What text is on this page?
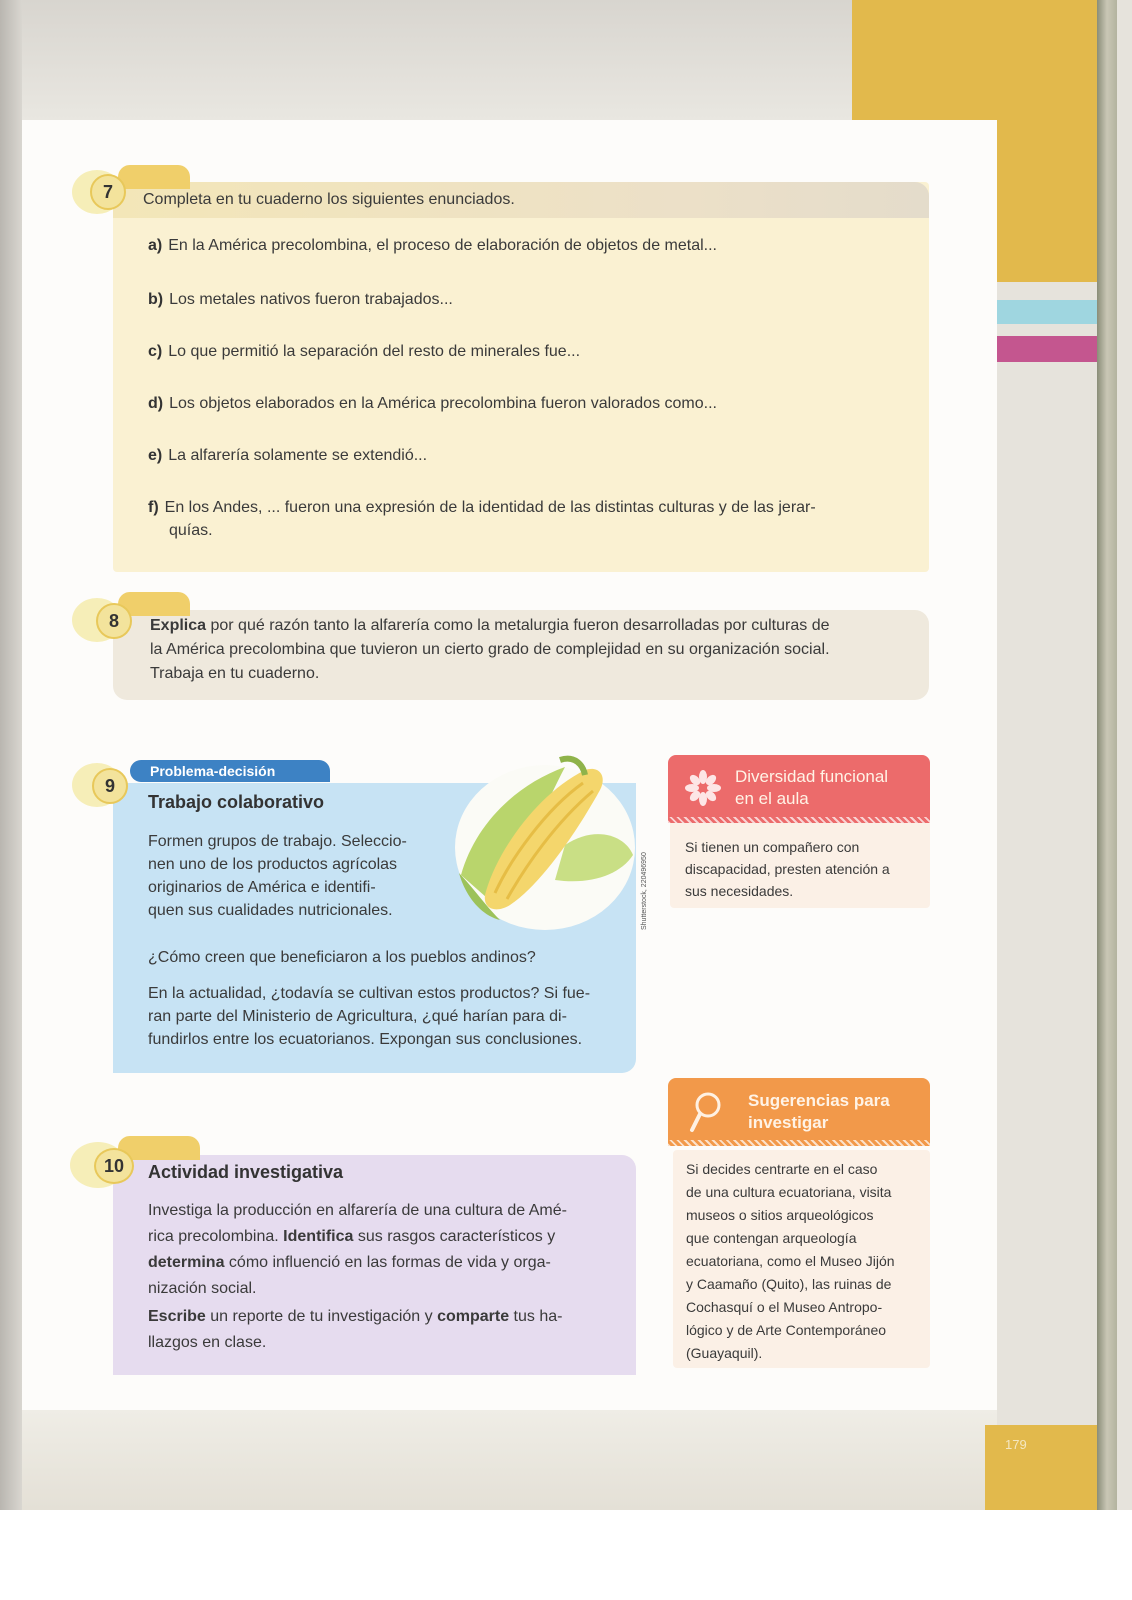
179
7	Completa en tu cuaderno los siguientes enunciados.
a) En la América precolombina, el proceso de elaboración de objetos de metal...
b) Los metales nativos fueron trabajados...
c) Lo que permitió la separación del resto de minerales fue...
d) Los objetos elaborados en la América precolombina fueron valorados como...
e) La alfarería solamente se extendió...
f) En los Andes, ... fueron una expresión de la identidad de las distintas culturas y de las jerar-
quías.
8	Explica por qué razón tanto la alfarería como la metalurgia fueron desarrolladas por culturas de
la América precolombina que tuvieron un cierto grado de complejidad en su organización social.
Trabaja en tu cuaderno.
Problema-decisión
9
Trabajo colaborativo
Shutterstock, 220496950
Formen grupos de trabajo. Seleccio-
nen uno de los productos agrícolas
originarios de América e identifi-
quen sus cualidades nutricionales.
¿Cómo creen que beneficiaron a los pueblos andinos?
En la actualidad, ¿todavía se cultivan estos productos? Si fue-
ran parte del Ministerio de Agricultura, ¿qué harían para di-
fundirlos entre los ecuatorianos. Expongan sus conclusiones.
Diversidad funcional
en el aula
Si tienen un compañero con
discapacidad, presten atención a
sus necesidades.
Sugerencias para
investigar
Si decides centrarte en el caso
de una cultura ecuatoriana, visita
museos o sitios arqueológicos
que contengan arqueología
ecuatoriana, como el Museo Jijón
y Caamaño (Quito), las ruinas de
Cochasquí o el Museo Antropo-
lógico y de Arte Contemporáneo
(Guayaquil).
10	Actividad investigativa
Investiga la producción en alfarería de una cultura de Amé-
rica precolombina. Identifica sus rasgos característicos y
determina cómo influenció en las formas de vida y orga-
nización social.
Escribe un reporte de tu investigación y comparte tus ha-
llazgos en clase.
